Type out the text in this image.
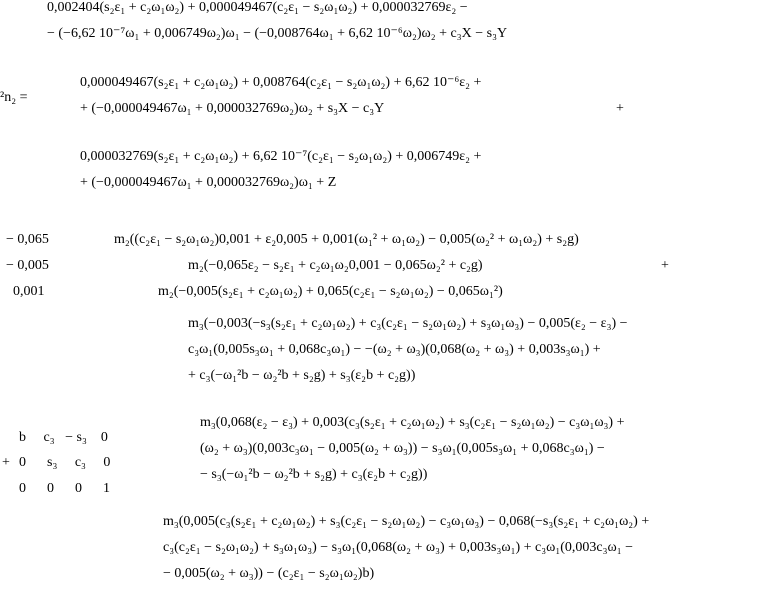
0,002404(s₂ε₁ + c₂ω₁ω₂) + 0,000049467(c₂ε₁ − s₂ω₁ω₂) + 0,000032769ε₂ −
− (−6,62 10⁻⁷ω₁ + 0,006749ω₂)ω₁ − (−0,008764ω₁ + 6,62 10⁻⁶ω₂)ω₂ + c₃X − s₃Y
²n₂ =
0,000049467(s₂ε₁ + c₂ω₁ω₂) + 0,008764(c₂ε₁ − s₂ω₁ω₂) + 6,62 10⁻⁶ε₂ +
+ (−0,000049467ω₁ + 0,000032769ω₂)ω₂ + s₃X − c₃Y	+
0,000032769(s₂ε₁ + c₂ω₁ω₂) + 6,62 10⁻⁷(c₂ε₁ − s₂ω₁ω₂) + 0,006749ε₂ +
+ (−0,000049467ω₁ + 0,000032769ω₂)ω₁ + Z
− 0,065	m₂((c₂ε₁ − s₂ω₁ω₂)0,001 + ε₂0,005 + 0,001(ω₁² + ω₁ω₂) − 0,005(ω₂² + ω₁ω₂) + s₂g)
− 0,005	m₂(−0,065ε₂ − s₂ε₁ + c₂ω₁ω₂0,001 − 0,065ω₂² + c₂g)	+
0,001	m₂(−0,005(s₂ε₁ + c₂ω₁ω₂) + 0,065(c₂ε₁ − s₂ω₁ω₂) − 0,065ω₁²)
m₃(−0,003(−s₃(s₂ε₁ + c₂ω₁ω₂) + c₃(c₂ε₁ − s₂ω₁ω₂) + s₃ω₁ω₃) − 0,005(ε₂ − ε₃) −
c₃ω₁(0,005s₃ω₁ + 0,068c₃ω₁) − −(ω₂ + ω₃)(0,068(ω₂ + ω₃) + 0,003s₃ω₁) +
+ c₃(−ω₁²b − ω₂²b + s₂g) + s₃(ε₂b + c₂g))
b     c₃   − s₃    0
m₃(0,068(ε₂ − ε₃) + 0,003(c₃(s₂ε₁ + c₂ω₁ω₂) + s₃(c₂ε₁ − s₂ω₁ω₂) − c₃ω₁ω₃) +
+ 0      s₃     c₃     0
(ω₂ + ω₃)(0,003c₃ω₁ − 0,005(ω₂ + ω₃)) − s₃ω₁(0,005s₃ω₁ + 0,068c₃ω₁) −
− s₃(−ω₁²b − ω₂²b + s₂g) + c₃(ε₂b + c₂g))
0      0      0      1
m₃(0,005(c₃(s₂ε₁ + c₂ω₁ω₂) + s₃(c₂ε₁ − s₂ω₁ω₂) − c₃ω₁ω₃) − 0,068(−s₃(s₂ε₁ + c₂ω₁ω₂) +
c₃(c₂ε₁ − s₂ω₁ω₂) + s₃ω₁ω₃) − s₃ω₁(0,068(ω₂ + ω₃) + 0,003s₃ω₁) + c₃ω₁(0,003c₃ω₁ −
− 0,005(ω₂ + ω₃)) − (c₂ε₁ − s₂ω₁ω₂)b)
